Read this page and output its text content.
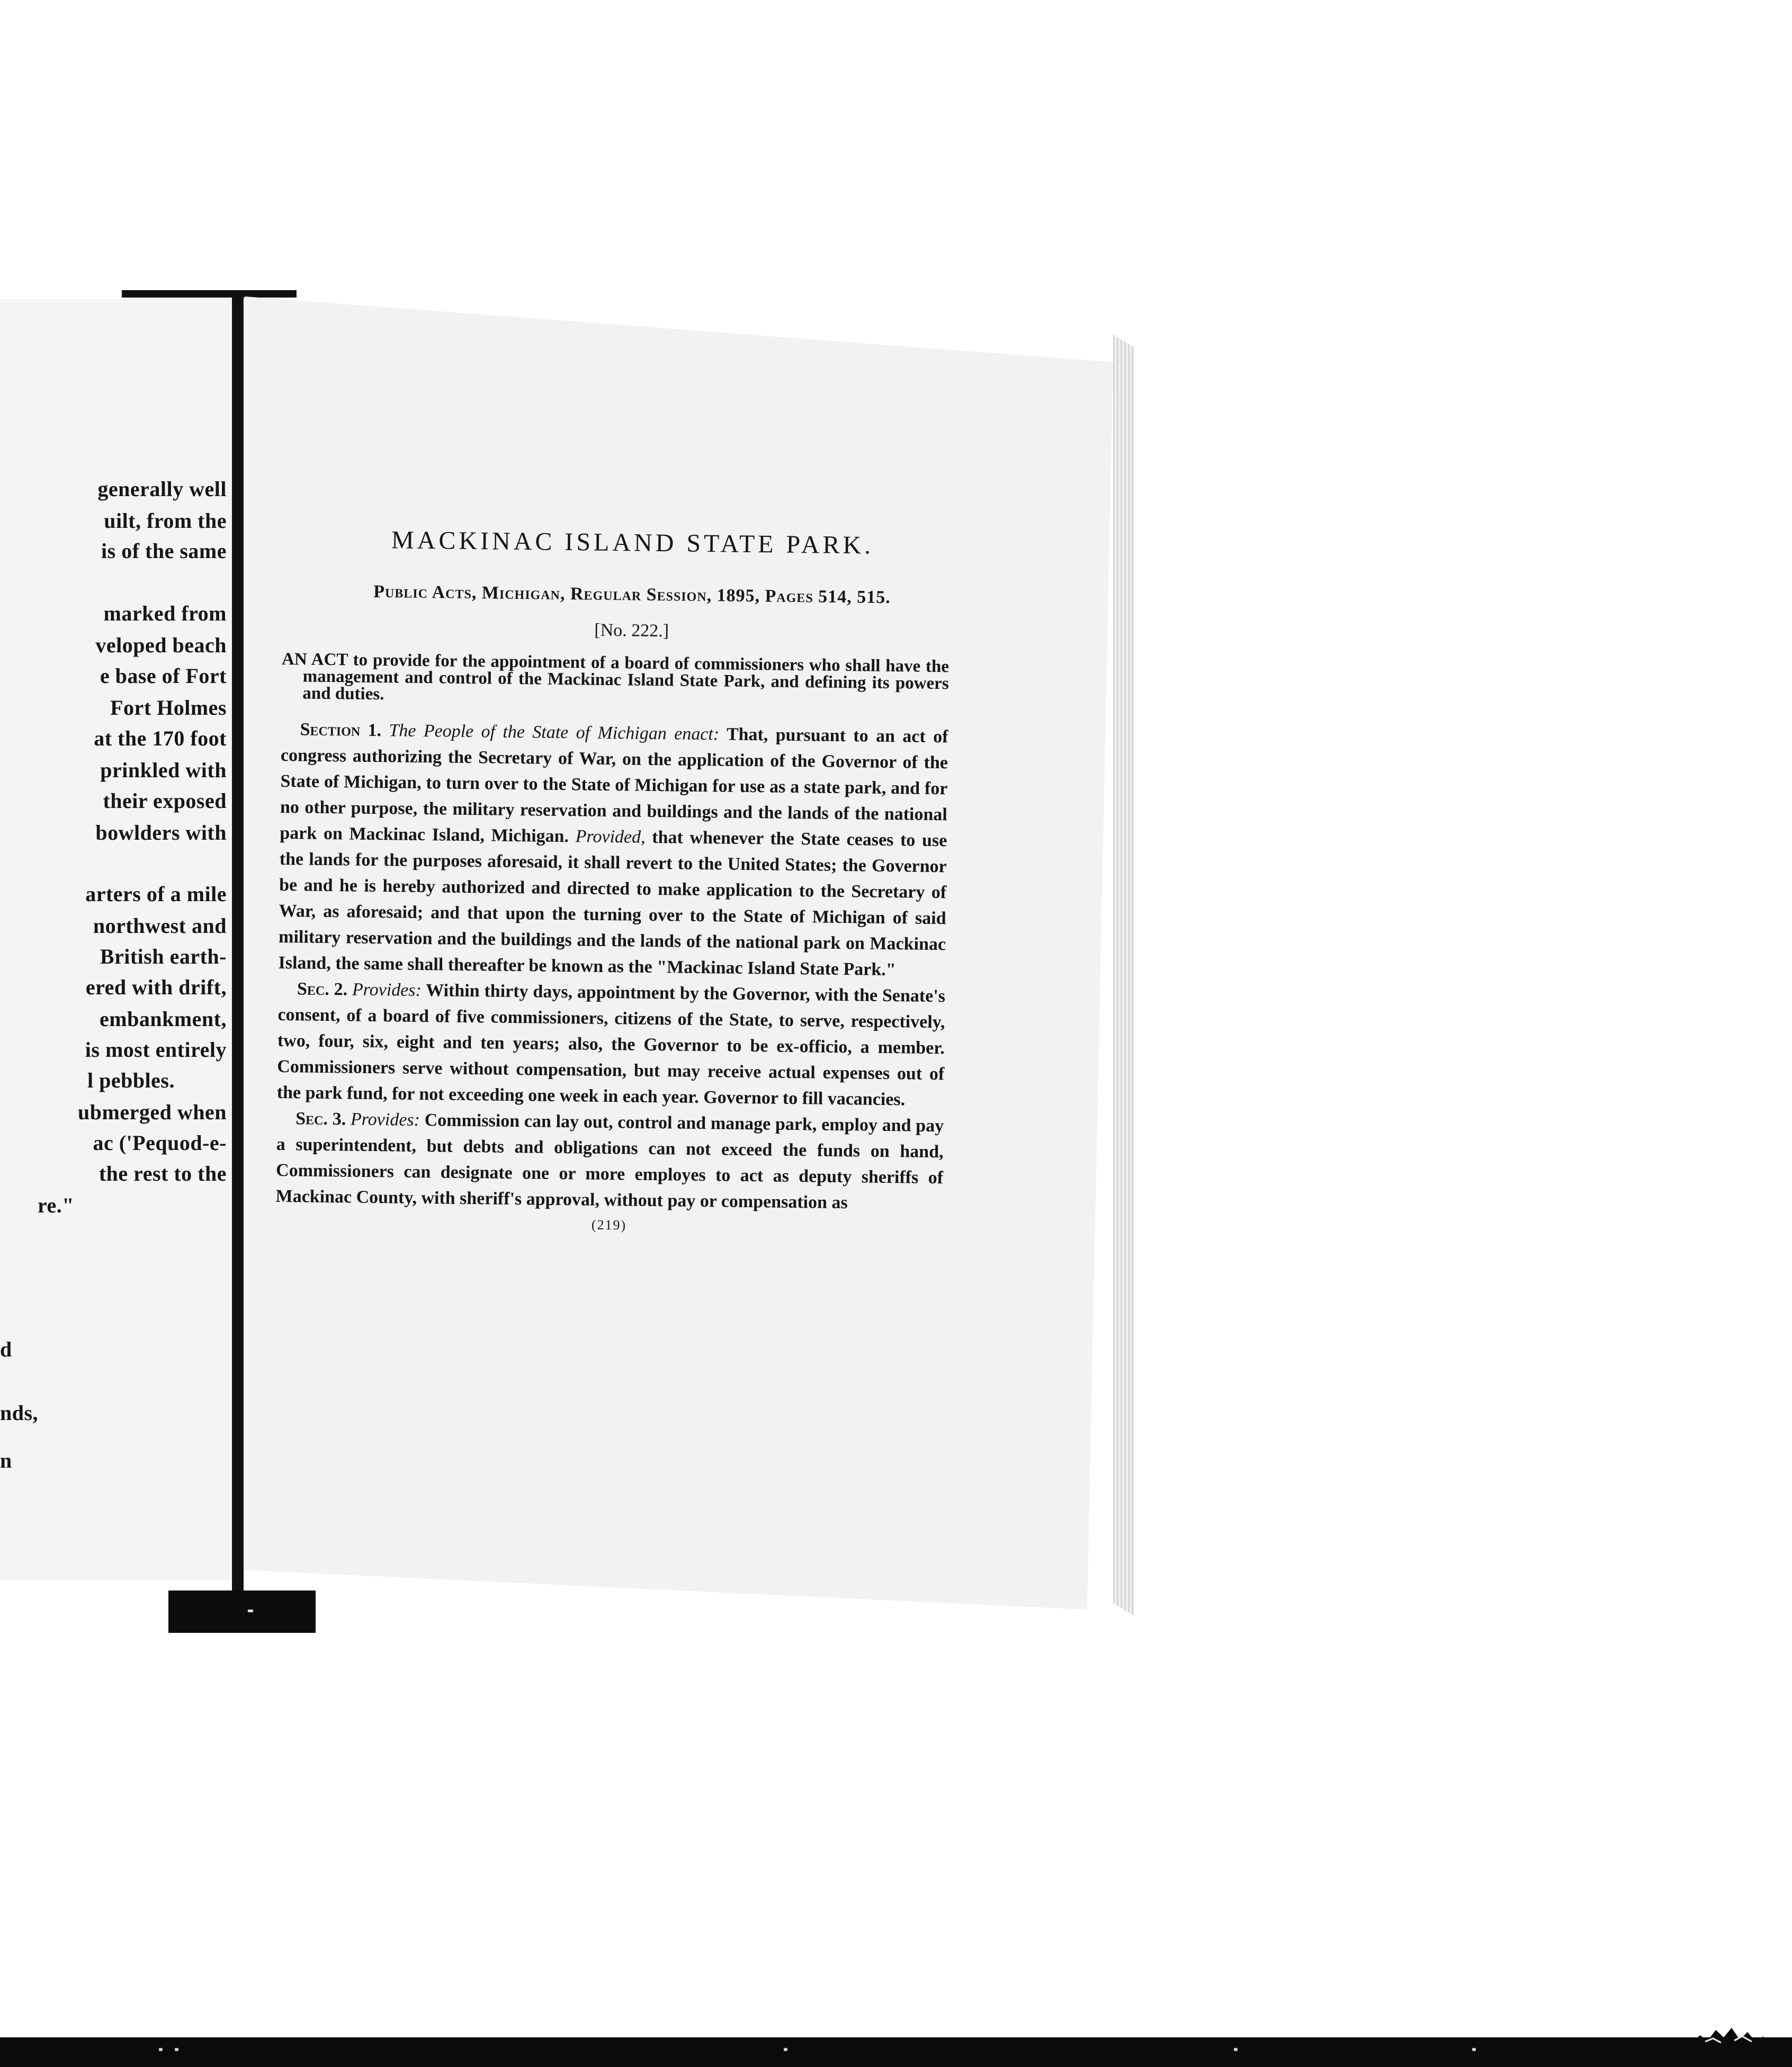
generally well
uilt, from the
is of the same
marked from
veloped beach
e base of Fort
Fort Holmes
at the 170 foot
prinkled with
their exposed
bowlders with
arters of a mile
northwest and
British earth-
ered with drift,
embankment,
is most entirely
l pebbles.
ubmerged when
ac ('Pequod-e-
the rest to the
re."
d
nds,
n
MACKINAC ISLAND STATE PARK.
Public Acts, Michigan, Regular Session, 1895, Pages 514, 515.
[No. 222.]

AN ACT to provide for the appointment of a board of commissioners who shall have the management and control of the Mackinac Island State Park, and defining its powers and duties.

Section 1. The People of the State of Michigan enact: That, pursuant to an act of congress authorizing the Secretary of War, on the application of the Governor of the State of Michigan, to turn over to the State of Michigan for use as a state park, and for no other purpose, the military reservation and buildings and the lands of the national park on Mackinac Island, Michigan. Provided, that whenever the State ceases to use the lands for the purposes aforesaid, it shall revert to the United States; the Governor be and he is hereby authorized and directed to make application to the Secretary of War, as aforesaid; and that upon the turning over to the State of Michigan of said military reservation and the buildings and the lands of the national park on Mackinac Island, the same shall thereafter be known as the "Mackinac Island State Park."

Sec. 2. Provides: Within thirty days, appointment by the Governor, with the Senate's consent, of a board of five commissioners, citizens of the State, to serve, respectively, two, four, six, eight and ten years; also, the Governor to be ex-officio, a member. Commissioners serve without compensation, but may receive actual expenses out of the park fund, for not exceeding one week in each year. Governor to fill vacancies.

Sec. 3. Provides: Commission can lay out, control and manage park, employ and pay a superintendent, but debts and obligations can not exceed the funds on hand, Commissioners can designate one or more employes to act as deputy sheriffs of Mackinac County, with sheriff's approval, without pay or compensation as

(219)
